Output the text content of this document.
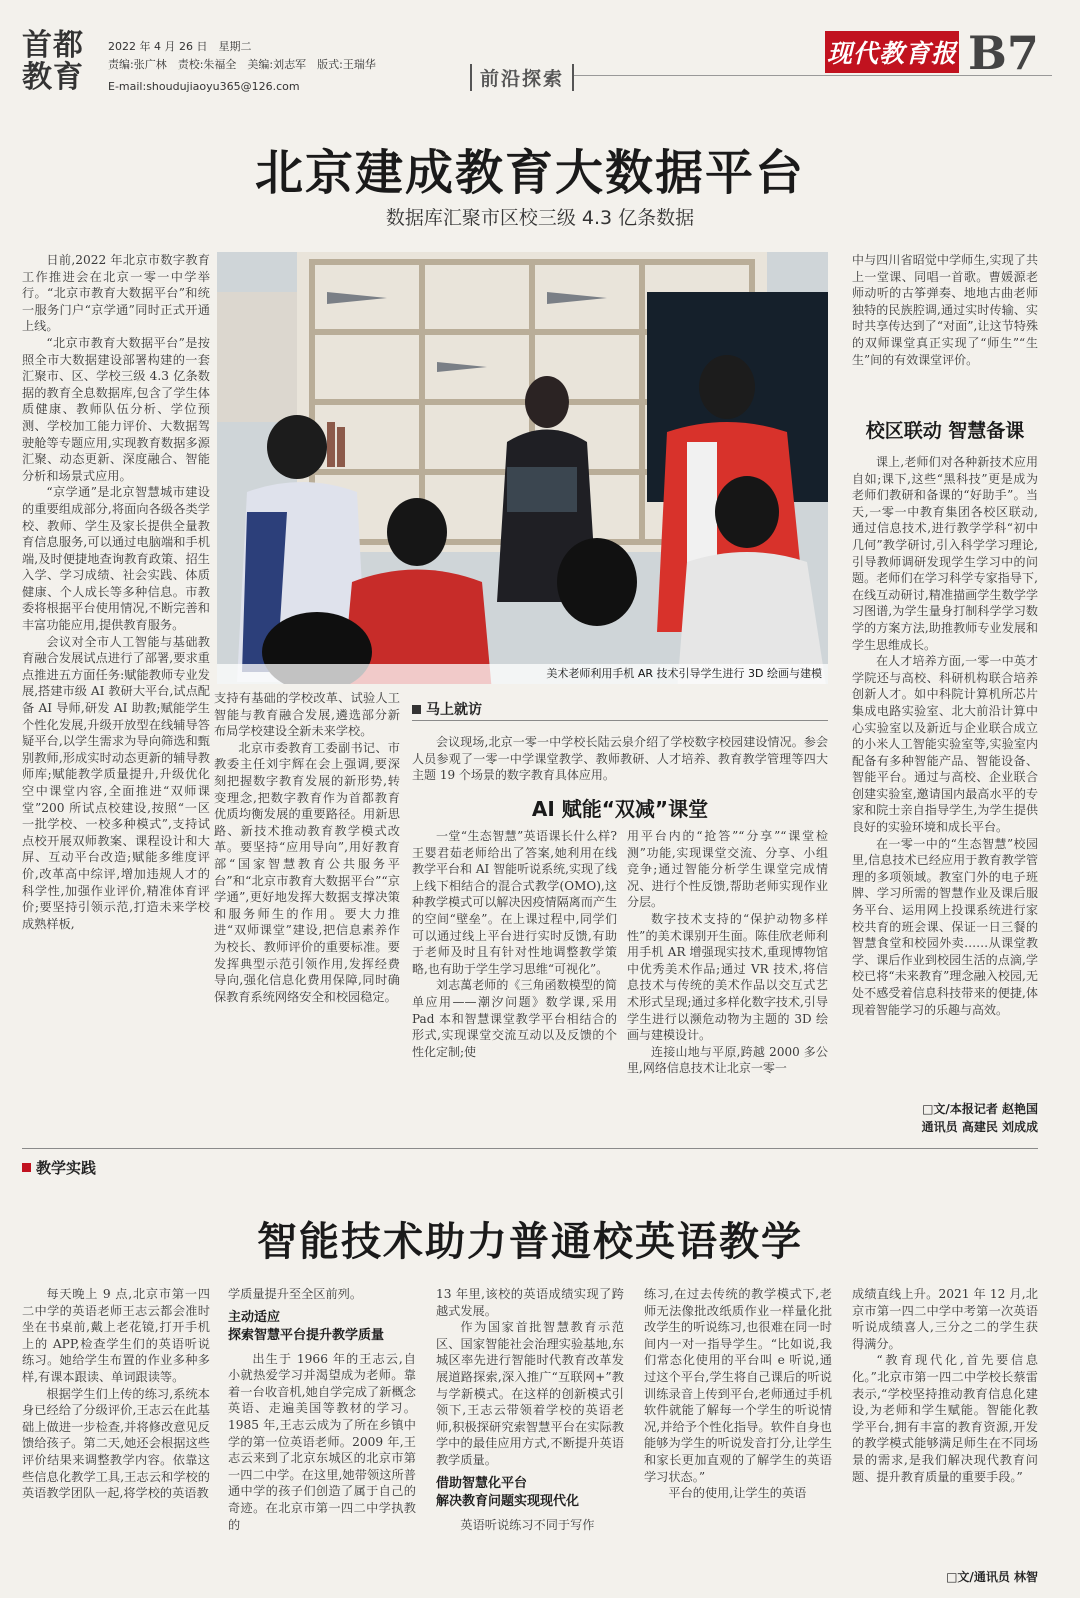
首都
教育
2022 年 4 月 26 日　星期二
责编:张广林　责校:朱福全　美编:刘志军　版式:王瑞华
E-mail:shoudujiaoyu365@126.com	前沿探索
现代教育报 B7
北京建成教育大数据平台
数据库汇聚市区校三级 4.3 亿条数据

日前,2022 年北京市数字教育工作推进会在北京一零一中学举行。“北京市教育大数据平台”和统一服务门户“京学通”同时正式开通上线。

“北京市教育大数据平台”是按照全市大数据建设部署构建的一套汇聚市、区、学校三级 4.3 亿条数据的教育全息数据库,包含了学生体质健康、教师队伍分析、学位预测、学校加工能力评价、大数据驾驶舱等专题应用,实现教育数据多源汇聚、动态更新、深度融合、智能分析和场景式应用。

“京学通”是北京智慧城市建设的重要组成部分,将面向各级各类学校、教师、学生及家长提供全量教育信息服务,可以通过电脑端和手机端,及时便捷地查询教育政策、招生入学、学习成绩、社会实践、体质健康、个人成长等多种信息。市教委将根据平台使用情况,不断完善和丰富功能应用,提供教育服务。

会议对全市人工智能与基础教育融合发展试点进行了部署,要求重点推进五方面任务:赋能教师专业发展,搭建市级 AI 教研大平台,试点配备 AI 导师,研发 AI 助教;赋能学生个性化发展,升级开放型在线辅导答疑平台,以学生需求为导向筛选和甄别教师,形成实时动态更新的辅导教师库;赋能教学质量提升,升级优化空中课堂内容,全面推进“双师课堂”200 所试点校建设,按照“一区一批学校、一校多种模式”,支持试点校开展双师教案、课程设计和大屏、互动平台改造;赋能多维度评价,改革高中综评,增加违规人才的科学性,加强作业评价,精准体育评价;要坚持引领示范,打造未来学校成熟样板,

美术老师利用手机 AR 技术引导学生进行 3D 绘画与建模

支持有基础的学校改革、试验人工智能与教育融合发展,遴选部分新布局学校建设全新未来学校。

北京市委教育工委副书记、市教委主任刘宇辉在会上强调,要深刻把握数字教育发展的新形势,转变理念,把数字教育作为首都教育优质均衡发展的重要路径。用新思路、新技术推动教育教学模式改革。要坚持“应用导向”,用好教育部“国家智慧教育公共服务平台”和“北京市教育大数据平台”“京学通”,更好地发挥大数据支撑决策和服务师生的作用。要大力推进“双师课堂”建设,把信息素养作为校长、教师评价的重要标准。要发挥典型示范引领作用,发挥经费导向,强化信息化费用保障,同时确保教育系统网络安全和校园稳定。

马上就访

会议现场,北京一零一中学校长陆云泉介绍了学校数字校园建设情况。参会人员参观了一零一中学课堂教学、教师教研、人才培养、教育教学管理等四大主题 19 个场景的数字教育具体应用。

AI 赋能“双减”课堂

一堂“生态智慧”英语课长什么样?王婴君茹老师给出了答案,她利用在线教学平台和 AI 智能听说系统,实现了线上线下相结合的混合式教学(OMO),这种教学模式可以解决因疫情隔离而产生的空间“壁垒”。在上课过程中,同学们可以通过线上平台进行实时反馈,有助于老师及时且有针对性地调整教学策略,也有助于学生学习思维“可视化”。

刘志萬老师的《三角函数模型的简单应用——潮汐问题》数学课,采用 Pad 本和智慧课堂教学平台相结合的形式,实现课堂交流互动以及反馈的个性化定制;使

用平台内的“抢答”“分享”“课堂检测”功能,实现课堂交流、分享、小组竞争;通过智能分析学生课堂完成情况、进行个性反馈,帮助老师实现作业分层。

数字技术支持的“保护动物多样性”的美术课别开生面。陈佳欣老师利用手机 AR 增强现实技术,重现博物馆中优秀美术作品;通过 VR 技术,将信息技术与传统的美术作品以交互式艺术形式呈现;通过多样化数字技术,引导学生进行以濒危动物为主题的 3D 绘画与建模设计。

连接山地与平原,跨越 2000 多公里,网络信息技术让北京一零一

中与四川省昭觉中学师生,实现了共上一堂课、同唱一首歌。曹媛源老师动听的古筝弹奏、地地古曲老师独特的民族腔调,通过实时传输、实时共享传达到了“对面”,让这节特殊的双师课堂真正实现了“师生”“生生”间的有效课堂评价。

校区联动 智慧备课

课上,老师们对各种新技术应用自如;课下,这些“黑科技”更是成为老师们教研和备课的“好助手”。当天,一零一中教育集团各校区联动,通过信息技术,进行教学学科“初中几何”教学研讨,引入科学学习理论,引导教师调研发现学生学习中的问题。老师们在学习科学专家指导下,在线互动研讨,精准描画学生数学学习图谱,为学生量身打制科学学习数学的方案方法,助推教师专业发展和学生思维成长。

在人才培养方面,一零一中英才学院还与高校、科研机构联合培养创新人才。如中科院计算机所芯片集成电路实验室、北大前沿计算中心实验室以及新近与企业联合成立的小米人工智能实验室等,实验室内配备有多种智能产品、智能设备、智能平台。通过与高校、企业联合创建实验室,邀请国内最高水平的专家和院士亲自指导学生,为学生提供良好的实验环境和成长平台。

在一零一中的“生态智慧”校园里,信息技术已经应用于教育教学管理的多项领域。教室门外的电子班牌、学习所需的智慧作业及课后服务平台、运用网上投课系统进行家校共育的班会课、保证一日三餐的智慧食堂和校园外卖……从课堂教学、课后作业到校园生活的点滴,学校已将“未来教育”理念融入校园,无处不感受着信息科技带来的便捷,体现着智能学习的乐趣与高效。

□文/本报记者 赵艳国
通讯员 高建民 刘成成
教学实践
智能技术助力普通校英语教学

每天晚上 9 点,北京市第一四二中学的英语老师王志云都会准时坐在书桌前,戴上老花镜,打开手机上的 APP,检查学生们的英语听说练习。她给学生布置的作业多种多样,有课本跟读、单词跟读等。

根据学生们上传的练习,系统本身已经给了分级评价,王志云在此基础上做进一步检查,并将修改意见反馈给孩子。第二天,她还会根据这些评价结果来调整教学内容。依靠这些信息化教学工具,王志云和学校的英语教学团队一起,将学校的英语教

学质量提升至全区前列。
主动适应
探索智慧平台提升教学质量

出生于 1966 年的王志云,自小就热爱学习并渴望成为老师。靠着一台收音机,她自学完成了新概念英语、走遍美国等教材的学习。1985 年,王志云成为了所在乡镇中学的第一位英语老师。2009 年,王志云来到了北京东城区的北京市第一四二中学。在这里,她带领这所普通中学的孩子们创造了属于自己的奇迹。在北京市第一四二中学执教的

13 年里,该校的英语成绩实现了跨越式发展。

作为国家首批智慧教育示范区、国家智能社会治理实验基地,东城区率先进行智能时代教育改革发展道路探索,深入推广“互联网+”教与学新模式。在这样的创新模式引领下,王志云带领着学校的英语老师,积极探研究索智慧平台在实际教学中的最佳应用方式,不断提升英语教学质量。

借助智慧化平台
解决教育问题实现现代化

英语听说练习不同于写作

练习,在过去传统的教学模式下,老师无法像批改纸质作业一样量化批改学生的听说练习,也很难在同一时间内一对一指导学生。“比如说,我们常态化使用的平台叫 e 听说,通过这个平台,学生将自己课后的听说训练录音上传到平台,老师通过手机软件就能了解每一个学生的听说情况,并给予个性化指导。软件自身也能够为学生的听说发音打分,让学生和家长更加直观的了解学生的英语学习状态。”

平台的使用,让学生的英语

成绩直线上升。2021 年 12 月,北京市第一四二中学中考第一次英语听说成绩喜人,三分之二的学生获得满分。

“教育现代化,首先要信息化。”北京市第一四二中学校长蔡雷表示,“学校坚持推动教育信息化建设,为老师和学生赋能。智能化教学平台,拥有丰富的教育资源,开发的教学模式能够满足师生在不同场景的需求,是我们解决现代教育问题、提升教育质量的重要手段。”

□文/通讯员 林智
